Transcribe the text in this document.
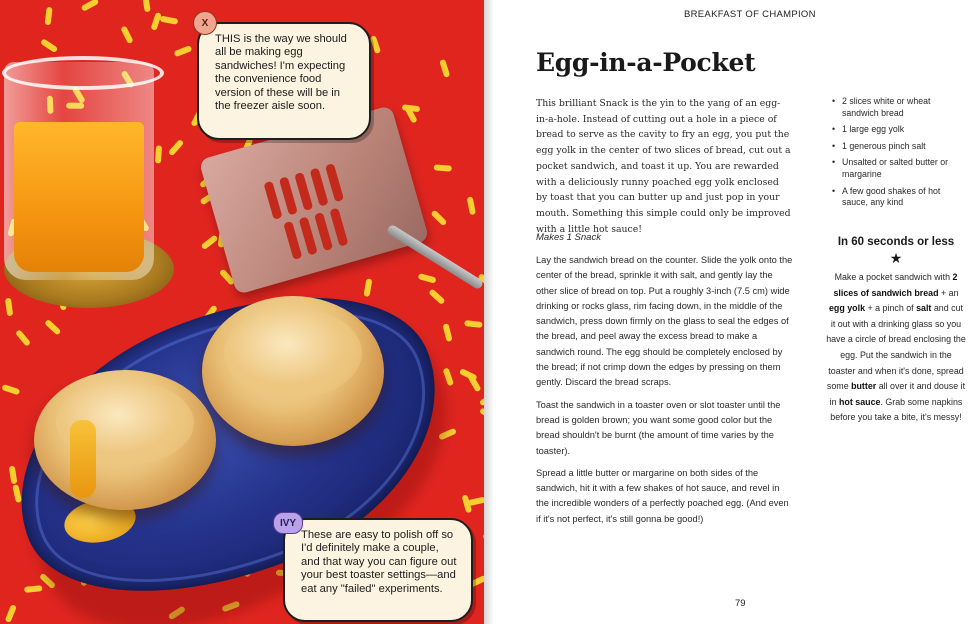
THIS is the way we should all be making egg sandwiches! I'm expecting the convenience food version of these will be in the freezer aisle soon.
X
These are easy to polish off so I'd definitely make a couple, and that way you can figure out your best toaster settings—and eat any "failed" experiments.
IVY
BREAKFAST OF CHAMPION
Egg-in-a-Pocket
This brilliant Snack is the yin to the yang of an egg-in-a-hole. Instead of cutting out a hole in a piece of bread to serve as the cavity to fry an egg, you put the egg yolk in the center of two slices of bread, cut out a pocket sandwich, and toast it up. You are rewarded with a deliciously runny poached egg yolk enclosed by toast that you can butter up and just pop in your mouth. Something this simple could only be improved with a little hot sauce!
Makes 1 Snack

Lay the sandwich bread on the counter. Slide the yolk onto the center of the bread, sprinkle it with salt, and gently lay the other slice of bread on top. Put a roughly 3-inch (7.5 cm) wide drinking or rocks glass, rim facing down, in the middle of the sandwich, press down firmly on the glass to seal the edges of the bread, and peel away the excess bread to make a sandwich round. The egg should be completely enclosed by the bread; if not crimp down the edges by pressing on them gently. Discard the bread scraps.

Toast the sandwich in a toaster oven or slot toaster until the bread is golden brown; you want some good color but the bread shouldn't be burnt (the amount of time varies by the toaster).

Spread a little butter or margarine on both sides of the sandwich, hit it with a few shakes of hot sauce, and revel in the incredible wonders of a perfectly poached egg. (And even if it's not perfect, it's still gonna be good!)

• 2 slices white or wheat sandwich bread
• 1 large egg yolk
• 1 generous pinch salt
• Unsalted or salted butter or margarine
• A few good shakes of hot sauce, any kind
In 60 seconds or less
★
Make a pocket sandwich with 2 slices of sandwich bread + an egg yolk + a pinch of salt and cut it out with a drinking glass so you have a circle of bread enclosing the egg. Put the sandwich in the toaster and when it's done, spread some butter all over it and douse it in hot sauce. Grab some napkins before you take a bite, it's messy!
79
